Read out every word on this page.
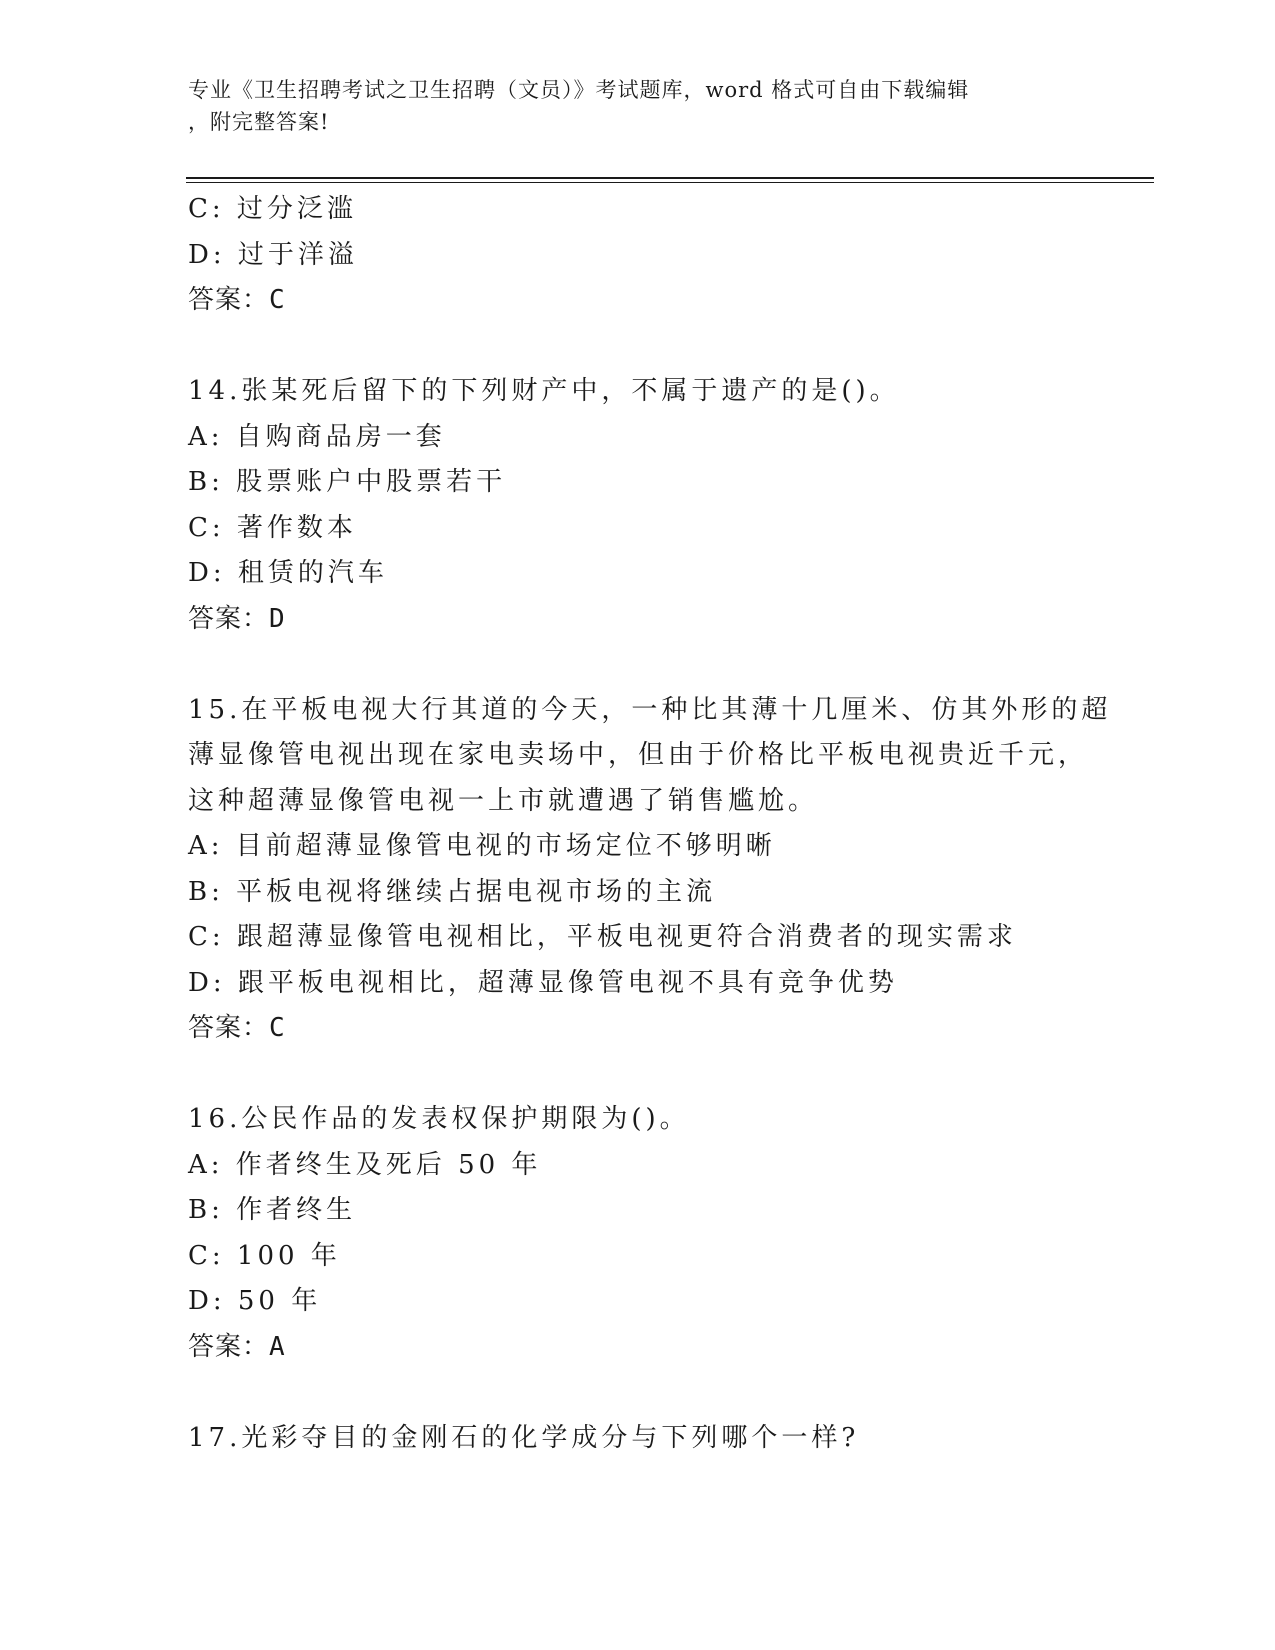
专业《卫生招聘考试之卫生招聘（文员）》考试题库，word 格式可自由下载编辑
，附完整答案!
C: 过分泛滥
D: 过于洋溢
答案：C
14.张某死后留下的下列财产中，不属于遗产的是()。
A: 自购商品房一套
B: 股票账户中股票若干
C: 著作数本
D: 租赁的汽车
答案：D
15.在平板电视大行其道的今天，一种比其薄十几厘米、仿其外形的超
薄显像管电视出现在家电卖场中，但由于价格比平板电视贵近千元，
这种超薄显像管电视一上市就遭遇了销售尴尬。
A: 目前超薄显像管电视的市场定位不够明晰
B: 平板电视将继续占据电视市场的主流
C: 跟超薄显像管电视相比，平板电视更符合消费者的现实需求
D: 跟平板电视相比，超薄显像管电视不具有竞争优势
答案：C
16.公民作品的发表权保护期限为()。
A: 作者终生及死后 50 年
B: 作者终生
C: 100 年
D: 50 年
答案：A
17.光彩夺目的金刚石的化学成分与下列哪个一样?
